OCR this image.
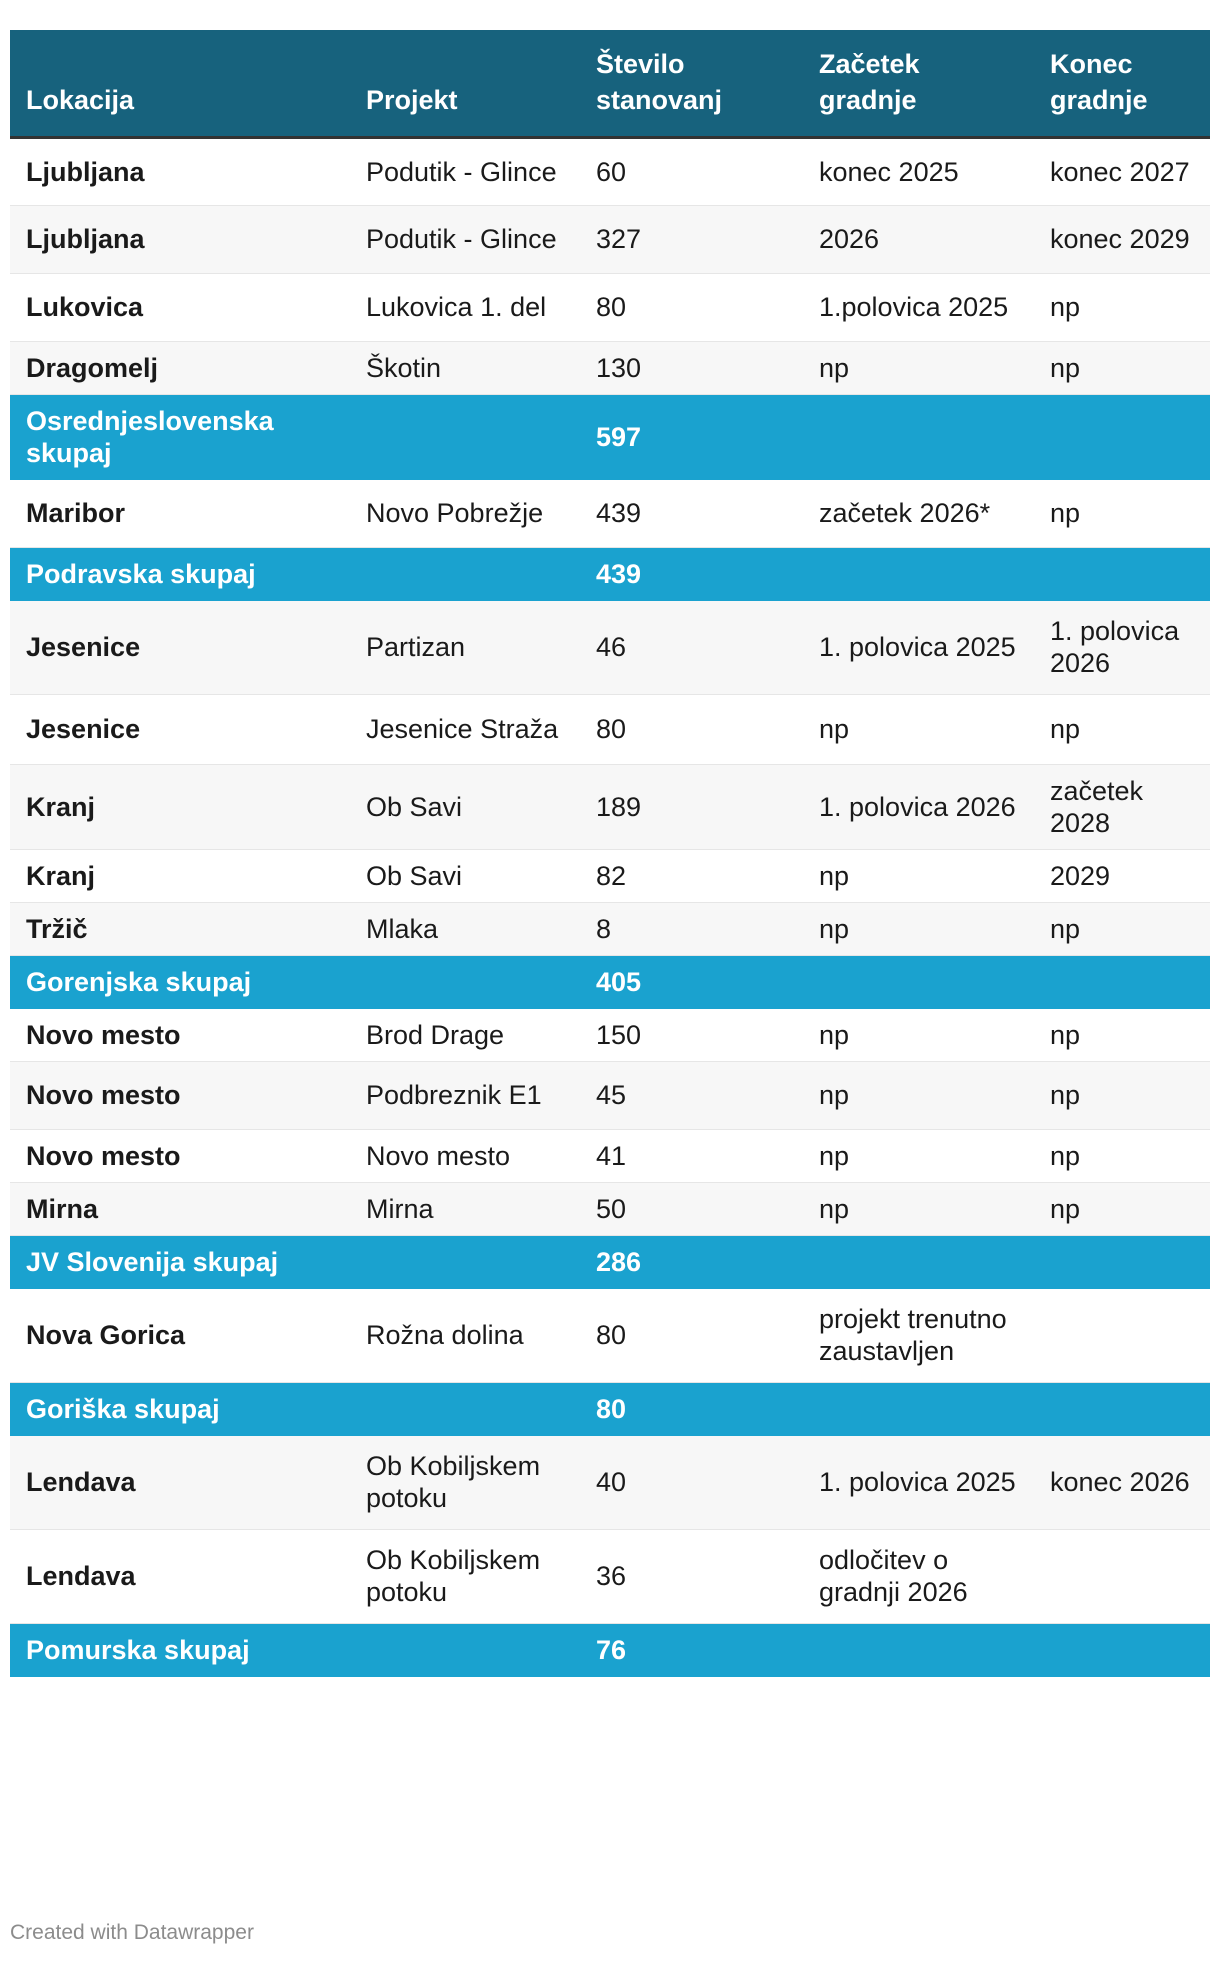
Lokacija	Projekt	Število stanovanj	Začetek gradnje	Konec gradnje
Ljubljana	Podutik - Glince	60	konec 2025	konec 2027
Ljubljana	Podutik - Glince	327	2026	konec 2029
Lukovica	Lukovica 1. del	80	1.polovica 2025	np
Dragomelj	Škotin	130	np	np
Osrednjeslovenska skupaj		597		
Maribor	Novo Pobrežje	439	začetek 2026*	np
Podravska skupaj		439		
Jesenice	Partizan	46	1. polovica 2025	1. polovica 2026
Jesenice	Jesenice Straža	80	np	np
Kranj	Ob Savi	189	1. polovica 2026	začetek 2028
Kranj	Ob Savi	82	np	2029
Tržič	Mlaka	8	np	np
Gorenjska skupaj		405		
Novo mesto	Brod Drage	150	np	np
Novo mesto	Podbreznik E1	45	np	np
Novo mesto	Novo mesto	41	np	np
Mirna	Mirna	50	np	np
JV Slovenija skupaj		286		
Nova Gorica	Rožna dolina	80	projekt trenutno zaustavljen	
Goriška skupaj		80		
Lendava	Ob Kobiljskem potoku	40	1. polovica 2025	konec 2026
Lendava	Ob Kobiljskem potoku	36	odločitev o gradnji 2026	
Pomurska skupaj		76		
Created with Datawrapper
